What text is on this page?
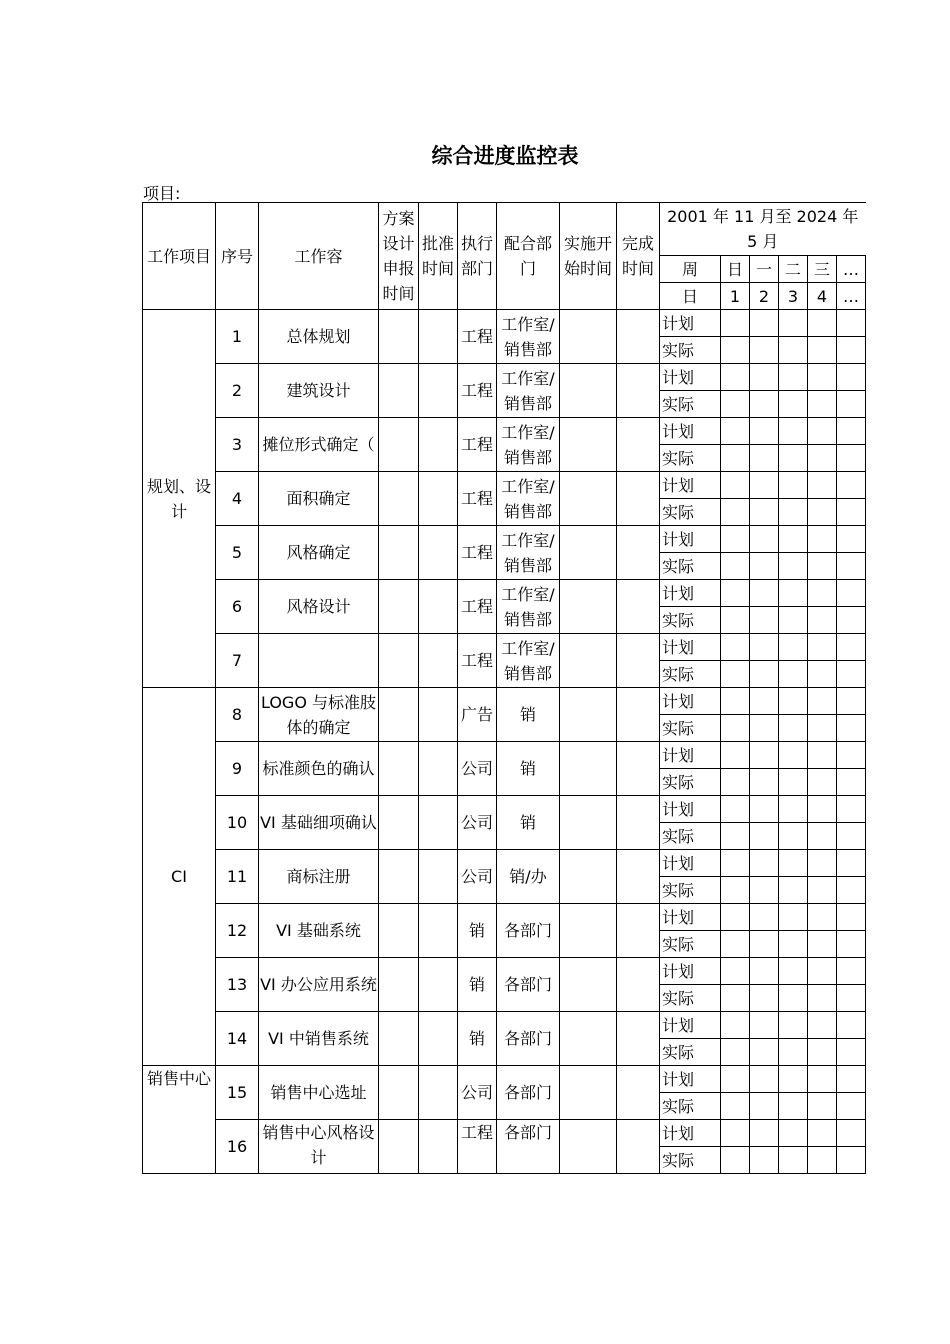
综合进度监控表
项目:
工作项目	序号	工作容	方案设计申报时间	批准时间	执行部门	配合部门	实施开始时间	完成时间	2001 年 11 月至 2024 年 5 月					
									周	日	一	二	三	…
									日	1	2	3	4	…
规划、设计	1	总体规划			工程	工作室/销售部			计划					
									实际					
	2	建筑设计			工程	工作室/销售部			计划					
									实际					
	3	摊位形式确定（			工程	工作室/销售部			计划					
									实际					
	4	面积确定			工程	工作室/销售部			计划					
									实际					
	5	风格确定			工程	工作室/销售部			计划					
									实际					
	6	风格设计			工程	工作室/销售部			计划					
									实际					
	7				工程	工作室/销售部			计划					
									实际					
CI	8	LOGO 与标准肢体的确定			广告	销			计划					
									实际					
	9	标准颜色的确认			公司	销			计划					
									实际					
	10	VI 基础细项确认			公司	销			计划					
									实际					
	11	商标注册			公司	销/办			计划					
									实际					
	12	VI 基础系统			销	各部门			计划					
									实际					
	13	VI 办公应用系统			销	各部门			计划					
									实际					
	14	VI 中销售系统			销	各部门			计划					
									实际					
销售中心	15	销售中心选址			公司	各部门			计划					
									实际					
	16	销售中心风格设计			工程	各部门			计划					
									实际					
